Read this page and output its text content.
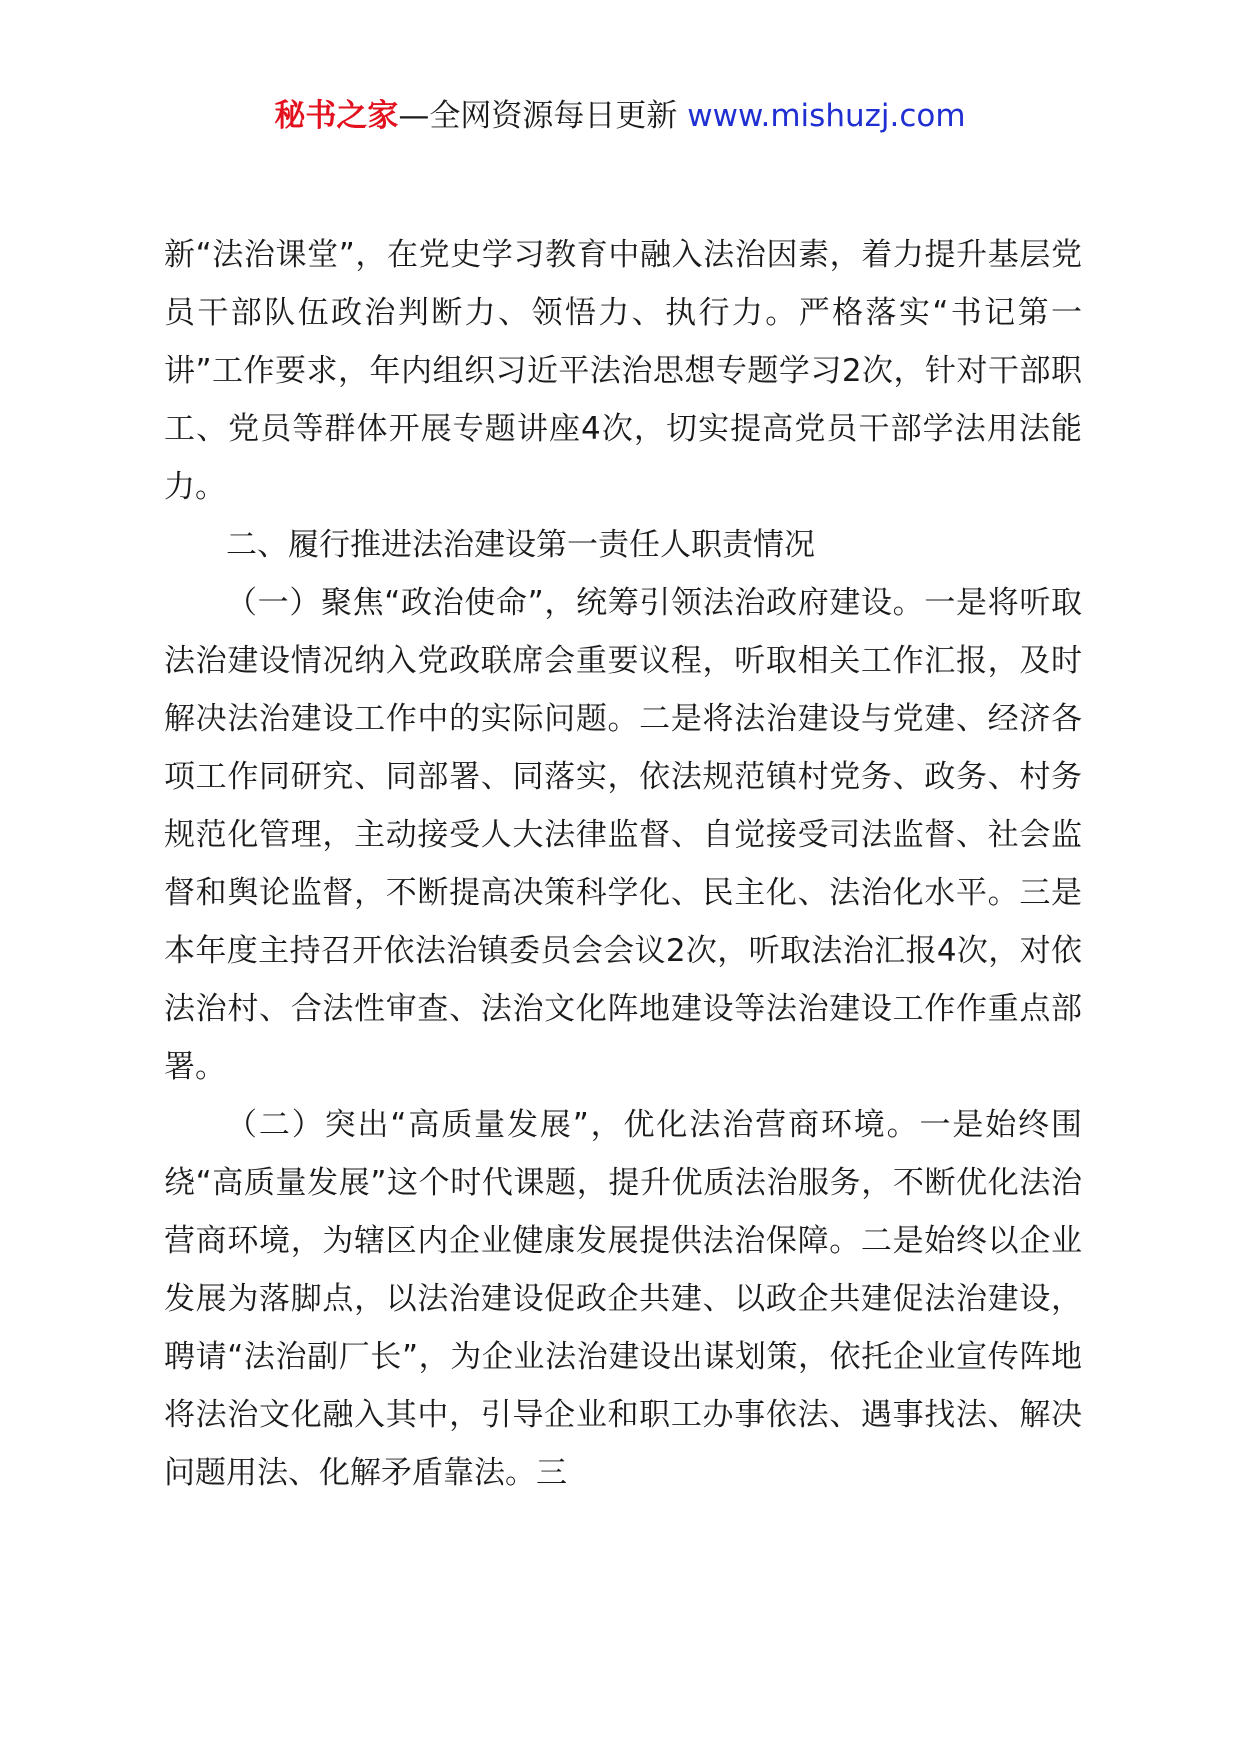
秘书之家—全网资源每日更新 www.mishuzj.com

新“法治课堂”，在党史学习教育中融入法治因素，着力提升基层党员干部队伍政治判断力、领悟力、执行力。严格落实“书记第一讲”工作要求，年内组织习近平法治思想专题学习2次，针对干部职工、党员等群体开展专题讲座4次，切实提高党员干部学法用法能力。

二、履行推进法治建设第一责任人职责情况

（一）聚焦“政治使命”，统筹引领法治政府建设。一是将听取法治建设情况纳入党政联席会重要议程，听取相关工作汇报，及时解决法治建设工作中的实际问题。二是将法治建设与党建、经济各项工作同研究、同部署、同落实，依法规范镇村党务、政务、村务规范化管理，主动接受人大法律监督、自觉接受司法监督、社会监督和舆论监督，不断提高决策科学化、民主化、法治化水平。三是本年度主持召开依法治镇委员会会议2次，听取法治汇报4次，对依法治村、合法性审查、法治文化阵地建设等法治建设工作作重点部署。

（二）突出“高质量发展”，优化法治营商环境。一是始终围绕“高质量发展”这个时代课题，提升优质法治服务，不断优化法治营商环境，为辖区内企业健康发展提供法治保障。二是始终以企业发展为落脚点，以法治建设促政企共建、以政企共建促法治建设，聘请“法治副厂长”，为企业法治建设出谋划策，依托企业宣传阵地将法治文化融入其中，引导企业和职工办事依法、遇事找法、解决问题用法、化解矛盾靠法。三
